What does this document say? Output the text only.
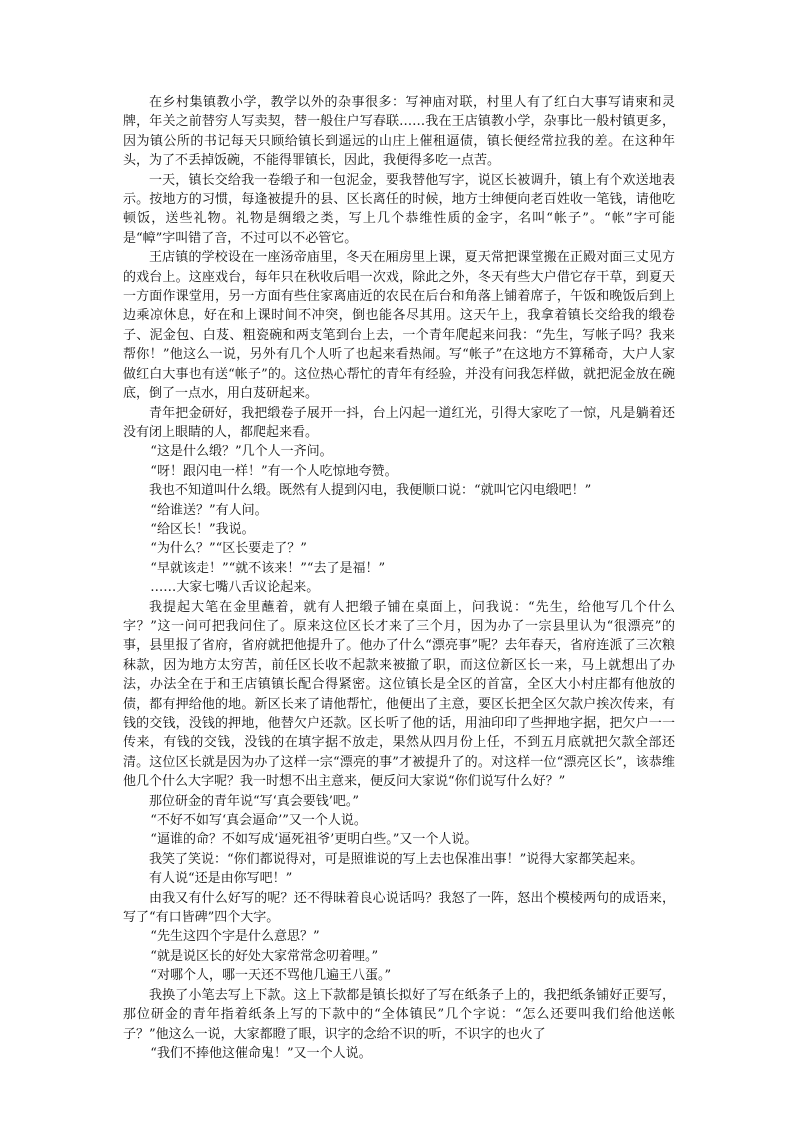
在乡村集镇教小学，教学以外的杂事很多：写神庙对联，村里人有了红白大事写请柬和灵牌，年关之前替穷人写卖契，替一般住户写春联……我在王店镇教小学，杂事比一般村镇更多，因为镇公所的书记每天只顾给镇长到遥远的山庄上催租逼债，镇长便经常拉我的差。在这种年头，为了不丢掉饭碗，不能得罪镇长，因此，我便得多吃一点苦。

一天，镇长交给我一卷缎子和一包泥金，要我替他写字，说区长被调升，镇上有个欢送地表示。按地方的习惯，每逢被提升的县、区长离任的时候，地方士绅便向老百姓收一笔钱，请他吃顿饭，送些礼物。礼物是绸缎之类，写上几个恭维性质的金字，名叫“帐子”。“帐”字可能是“幛”字叫错了音，不过可以不必管它。

王店镇的学校设在一座汤帝庙里，冬天在厢房里上课，夏天常把课堂搬在正殿对面三丈见方的戏台上。这座戏台，每年只在秋收后唱一次戏，除此之外，冬天有些大户借它存干草，到夏天一方面作课堂用，另一方面有些住家离庙近的农民在后台和角落上铺着席子，午饭和晚饭后到上边乘凉休息，好在和上课时间不冲突，倒也能各尽其用。这天午上，我拿着镇长交给我的缎卷子、泥金包、白芨、粗瓷碗和两支笔到台上去，一个青年爬起来问我：“先生，写帐子吗？我来帮你！”他这么一说，另外有几个人听了也起来看热闹。写“帐子”在这地方不算稀奇，大户人家做红白大事也有送“帐子”的。这位热心帮忙的青年有经验，并没有问我怎样做，就把泥金放在碗底，倒了一点水，用白芨研起来。

青年把金研好，我把缎卷子展开一抖，台上闪起一道红光，引得大家吃了一惊，凡是躺着还没有闭上眼睛的人，都爬起来看。

“这是什么缎？”几个人一齐问。

“呀！跟闪电一样！”有一个人吃惊地夸赞。

我也不知道叫什么缎。既然有人提到闪电，我便顺口说：“就叫它闪电缎吧！”

“给谁送？”有人问。

“给区长！”我说。

“为什么？”“区长要走了？”

“早就该走！”“就不该来！”“去了是福！”

……大家七嘴八舌议论起来。

我提起大笔在金里蘸着，就有人把缎子铺在桌面上，问我说：“先生，给他写几个什么字？”这一问可把我问住了。原来这位区长才来了三个月，因为办了一宗县里认为“很漂亮”的事，县里报了省府，省府就把他提升了。他办了什么“漂亮事”呢？去年春天，省府连派了三次粮秣款，因为地方太穷苦，前任区长收不起款来被撤了职，而这位新区长一来，马上就想出了办法，办法全在于和王店镇镇长配合得紧密。这位镇长是全区的首富，全区大小村庄都有他放的债，都有押给他的地。新区长来了请他帮忙，他便出了主意，要区长把全区欠款户挨次传来，有钱的交钱，没钱的押地，他替欠户还款。区长听了他的话，用油印印了些押地字据，把欠户一一传来，有钱的交钱，没钱的在填字据不放走，果然从四月份上任，不到五月底就把欠款全部还清。这位区长就是因为办了这样一宗“漂亮的事”才被提升了的。对这样一位“漂亮区长”，该恭维他几个什么大字呢？我一时想不出主意来，便反问大家说“你们说写什么好？”

那位研金的青年说“写‘真会要钱’吧。”

“不好不如写‘真会逼命’”又一个人说。

“逼谁的命？不如写成‘逼死祖爷’更明白些。”又一个人说。

我笑了笑说：“你们都说得对，可是照谁说的写上去也保准出事！”说得大家都笑起来。

有人说“还是由你写吧！”

由我又有什么好写的呢？还不得昧着良心说话吗？我怒了一阵，怒出个模棱两句的成语来，写了“有口皆碑”四个大字。

“先生这四个字是什么意思？”

“就是说区长的好处大家常常念叨着哩。”

“对哪个人，哪一天还不骂他几遍王八蛋。”

我换了小笔去写上下款。这上下款都是镇长拟好了写在纸条子上的，我把纸条铺好正要写，那位研金的青年指着纸条上写的下款中的“全体镇民”几个字说：“怎么还要叫我们给他送帐子？”他这么一说，大家都瞪了眼，识字的念给不识的听，不识字的也火了

“我们不捧他这催命鬼！”又一个人说。
